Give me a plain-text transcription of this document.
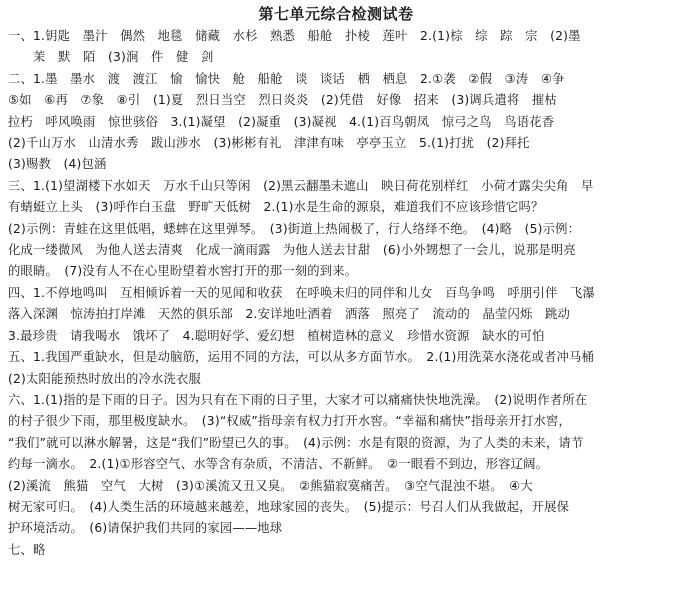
第七单元综合检测试卷
一、1.钥匙　墨汁　偶然　地毯　储藏　水杉　熟悉　船舱　扑棱　莲叶　2.(1)棕　综　踪　宗　(2)墨
　　茉　默　陌　(3)涧　件　健　剑
二、1.墨　墨水　渡　渡江　愉　愉快　舱　船舱　谈　谈话　栖　栖息　2.①袭　②假　③涛　④争
⑤如　⑥再　⑦象　⑧引　(1)夏　烈日当空　烈日炎炎　(2)凭借　好像　招来　(3)调兵遣将　摧枯
拉朽　呼风唤雨　惊世骇俗　3.(1)凝望　(2)凝重　(3)凝视　4.(1)百鸟朝凤　惊弓之鸟　鸟语花香
(2)千山万水　山清水秀　跋山涉水　(3)彬彬有礼　津津有味　亭亭玉立　5.(1)打扰　(2)拜托
(3)赐教　(4)包涵
三、1.(1)望湖楼下水如天　万水千山只等闲　(2)黑云翻墨未遮山　映日荷花别样红　小荷才露尖尖角　早
有蜻蜓立上头　(3)呼作白玉盘　野旷天低树　2.(1)水是生命的源泉，难道我们不应该珍惜它吗？
(2)示例：青蛙在这里低唱，蟋蟀在这里弹琴。　(3)街道上热闹极了，行人络绎不绝。　(4)略　(5)示例：
化成一缕微风　为他人送去清爽　化成一滴雨露　为他人送去甘甜　(6)小外甥想了一会儿，说那是明亮
的眼睛。　(7)没有人不在心里盼望着水窖打开的那一刻的到来。
四、1.不停地鸣叫　互相倾诉着一天的见闻和收获　在呼唤未归的同伴和儿女　百鸟争鸣　呼朋引伴　飞瀑
落入深渊　惊涛拍打岸滩　天然的俱乐部　2.安详地吐洒着　洒落　照亮了　流动的　晶莹闪烁　跳动
3.最珍贵　请我喝水　饿坏了　4.聪明好学、爱幻想　植树造林的意义　珍惜水资源　缺水的可怕
五、1.我国严重缺水，但是动脑筋，运用不同的方法，可以从多方面节水。　2.(1)用洗菜水浇花或者冲马桶
(2)太阳能预热时放出的冷水洗衣服
六、1.(1)指的是下雨的日子。因为只有在下雨的日子里，大家才可以痛痛快快地洗澡。　(2)说明作者所在
的村子很少下雨，那里极度缺水。　(3)“权威”指母亲有权力打开水窖。“幸福和痛快”指母亲开打水窖，
“我们”就可以淋水解暑，这是“我们”盼望已久的事。　(4)示例：水是有限的资源，为了人类的未来，请节
约每一滴水。　2.(1)①形容空气、水等含有杂质，不清洁、不新鲜。　②一眼看不到边，形容辽阔。
(2)溪流　熊猫　空气　大树　(3)①溪流又丑又臭。　②熊猫寂寞痛苦。　③空气混浊不堪。　④大
树无家可归。　(4)人类生活的环境越来越差，地球家园的丧失。　(5)提示：号召人们从我做起，开展保
护环境活动。　(6)请保护我们共同的家园——地球
七、略
